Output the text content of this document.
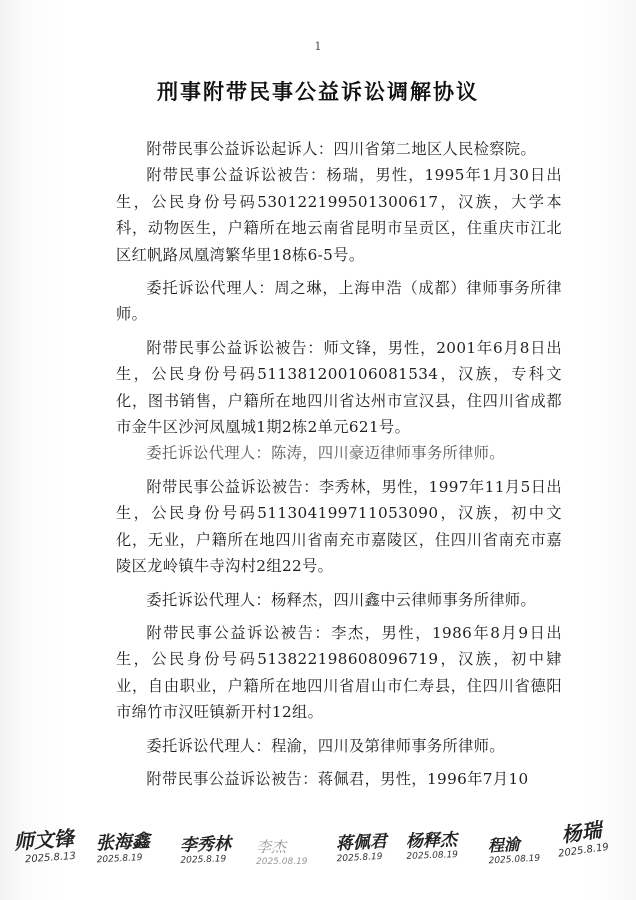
1
刑事附带民事公益诉讼调解协议

附带民事公益诉讼起诉人：四川省第二地区人民检察院。

附带民事公益诉讼被告：杨瑞，男性，1995年1月30日出生，公民身份号码530122199501300617，汉族，大学本科，动物医生，户籍所在地云南省昆明市呈贡区，住重庆市江北区红帆路凤凰湾繁华里18栋6-5号。

委托诉讼代理人：周之琳，上海申浩（成都）律师事务所律师。

附带民事公益诉讼被告：师文锋，男性，2001年6月8日出生，公民身份号码511381200106081534，汉族，专科文化，图书销售，户籍所在地四川省达州市宣汉县，住四川省成都市金牛区沙河凤凰城1期2栋2单元621号。

委托诉讼代理人：陈涛，四川豪迈律师事务所律师。

附带民事公益诉讼被告：李秀林，男性，1997年11月5日出生，公民身份号码511304199711053090，汉族，初中文化，无业，户籍所在地四川省南充市嘉陵区，住四川省南充市嘉陵区龙岭镇牛寺沟村2组22号。

委托诉讼代理人：杨释杰，四川鑫中云律师事务所律师。

附带民事公益诉讼被告：李杰，男性，1986年8月9日出生，公民身份号码513822198608096719，汉族，初中肄业，自由职业，户籍所在地四川省眉山市仁寿县，住四川省德阳市绵竹市汉旺镇新开村12组。

委托诉讼代理人：程渝，四川及第律师事务所律师。

附带民事公益诉讼被告：蒋佩君，男性，1996年7月10

师文锋
2025.8.13
张海鑫
2025.8.19
李秀林
2025.8.19
李杰
2025.08.19
蒋佩君
2025.8.19
杨释杰
2025.08.19
程渝
2025.08.19
杨瑞
2025.8.19
